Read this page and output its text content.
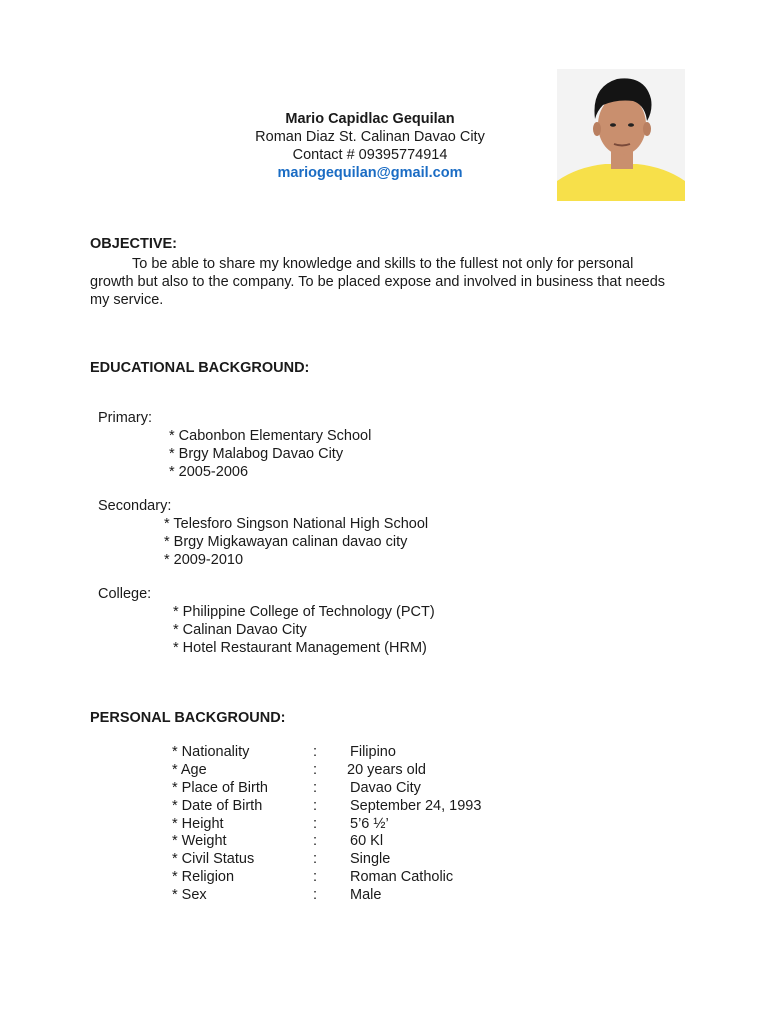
Mario Capidlac Gequilan
Roman Diaz St. Calinan Davao City
Contact # 09395774914
mariogequilan@gmail.com
OBJECTIVE:
To be able to share my knowledge and skills to the fullest not only for personal growth but also to the company. To be placed expose and involved in business that needs my service.
EDUCATIONAL BACKGROUND:
Primary:
* Cabonbon Elementary School
* Brgy Malabog Davao City
* 2005-2006
Secondary:
* Telesforo Singson National High School
* Brgy Migkawayan calinan davao city
* 2009-2010
College:
* Philippine College of Technology (PCT)
* Calinan Davao City
* Hotel Restaurant Management (HRM)
PERSONAL BACKGROUND:
* Nationality	: Filipino
* Age	: 20 years old
* Place of Birth	: Davao City
* Date of Birth	: September 24, 1993
* Height	: 5’6 ½’
* Weight	: 60 Kl
* Civil Status	: Single
* Religion	: Roman Catholic
* Sex	: Male
